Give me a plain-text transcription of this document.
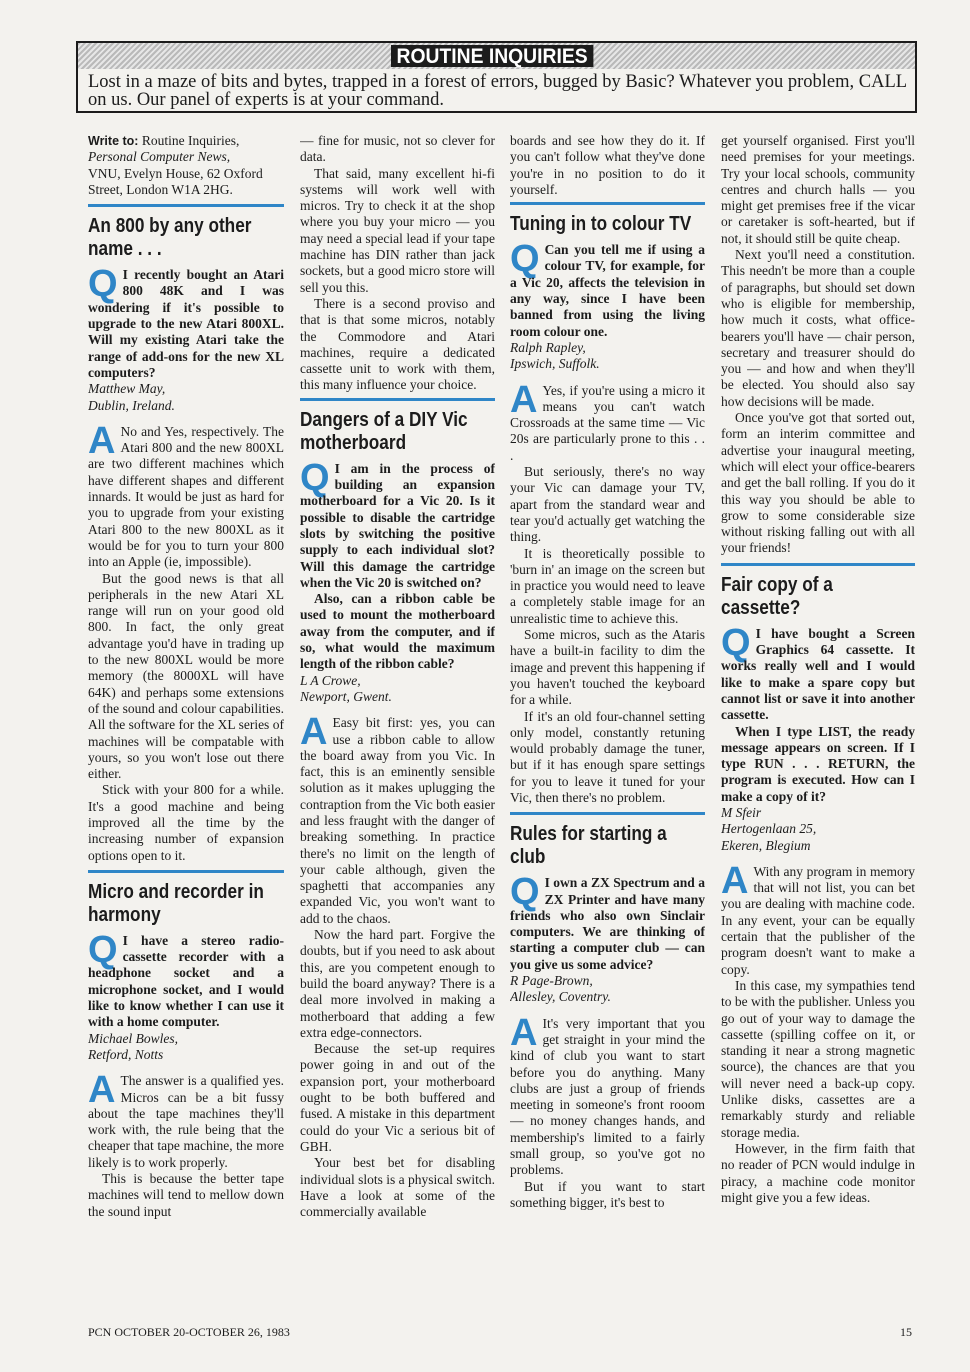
ROUTINE INQUIRIES
Lost in a maze of bits and bytes, trapped in a forest of errors, bugged by Basic? Whatever you problem, CALL on us. Our panel of experts is at your command.

Write to: Routine Inquiries,

Personal Computer News,

VNU, Evelyn House, 62 Oxford Street, London W1A 2HG.

An 800 by any other name . . .

Q I recently bought an Atari 800 48K and I was wondering if it's possible to upgrade to the new Atari 800XL. Will my existing Atari take the range of add-ons for the new XL computers?

Matthew May,
Dublin, Ireland.

A No and Yes, respectively. The Atari 800 and the new 800XL are two different machines which have different shapes and different innards. It would be just as hard for you to upgrade from your existing Atari 800 to the new 800XL as it would be for you to turn your 800 into an Apple (ie, impossible).

But the good news is that all peripherals in the new Atari XL range will run on your good old 800. In fact, the only great advantage you'd have in trading up to the new 800XL would be more memory (the 8000XL will have 64K) and perhaps some extensions of the sound and colour capabilities. All the software for the XL series of machines will be compatable with yours, so you won't lose out there either.

Stick with your 800 for a while. It's a good machine and being improved all the time by the increasing number of expansion options open to it.

Micro and recorder in harmony

Q I have a stereo radio-cassette recorder with a headphone socket and a microphone socket, and I would like to know whether I can use it with a home computer.

Michael Bowles,
Retford, Notts

A The answer is a qualified yes. Micros can be a bit fussy about the tape machines they'll work with, the rule being that the cheaper that tape machine, the more likely is to work properly.

This is because the better tape machines will tend to mellow down the sound input

— fine for music, not so clever for data.

That said, many excellent hi-fi systems will work well with micros. Try to check it at the shop where you buy your micro — you may need a special lead if your tape machine has DIN rather than jack sockets, but a good micro store will sell you this.

There is a second proviso and that is that some micros, notably the Commodore and Atari machines, require a dedicated cassette unit to work with them, this many influence your choice.

Dangers of a DIY Vic motherboard

Q I am in the process of building an expansion motherboard for a Vic 20. Is it possible to disable the cartridge slots by switching the positive supply to each individual slot? Will this damage the cartridge when the Vic 20 is switched on?

Also, can a ribbon cable be used to mount the motherboard away from the computer, and if so, what would the maximum length of the ribbon cable?

L A Crowe,
Newport, Gwent.

A Easy bit first: yes, you can use a ribbon cable to allow the board away from you Vic. In fact, this is an eminently sensible solution as it makes uplugging the contraption from the Vic both easier and less fraught with the danger of breaking something. In practice there's no limit on the length of your cable although, given the spaghetti that accompanies any expanded Vic, you won't want to add to the chaos.

Now the hard part. Forgive the doubts, but if you need to ask about this, are you competent enough to build the board anyway? There is a deal more involved in making a motherboard that adding a few extra edge-connectors.

Because the set-up requires power going in and out of the expansion port, your motherboard ought to be both buffered and fused. A mistake in this department could do your Vic a serious bit of GBH.

Your best bet for disabling individual slots is a physical switch. Have a look at some of the commercially available

boards and see how they do it. If you can't follow what they've done you're in no position to do it yourself.

Tuning in to colour TV

Q Can you tell me if using a colour TV, for example, for a Vic 20, affects the television in any way, since I have been banned from using the living room colour one.

Ralph Rapley,
Ipswich, Suffolk.

A Yes, if you're using a micro it means you can't watch Crossroads at the same time — Vic 20s are particularly prone to this . . .

But seriously, there's no way your Vic can damage your TV, apart from the standard wear and tear you'd actually get watching the thing.

It is theoretically possible to 'burn in' an image on the screen but in practice you would need to leave a completely stable image for an unrealistic time to achieve this.

Some micros, such as the Ataris have a built-in facility to dim the image and prevent this happening if you haven't touched the keyboard for a while.

If it's an old four-channel setting only model, constantly retuning would probably damage the tuner, but if it has enough spare settings for you to leave it tuned for your Vic, then there's no problem.

Rules for starting a club

Q I own a ZX Spectrum and a ZX Printer and have many friends who also own Sinclair computers. We are thinking of starting a computer club — can you give us some advice?

R Page-Brown,
Allesley, Coventry.

A It's very important that you get straight in your mind the kind of club you want to start before you do anything. Many clubs are just a group of friends meeting in someone's front rooom — no money changes hands, and membership's limited to a fairly small group, so you've got no problems.

But if you want to start something bigger, it's best to

get yourself organised. First you'll need premises for your meetings. Try your local schools, community centres and church halls — you might get premises free if the vicar or caretaker is soft-hearted, but if not, it should still be quite cheap.

Next you'll need a constitution. This needn't be more than a couple of paragraphs, but should set down who is eligible for membership, how much it costs, what office-bearers you'll have — chair person, secretary and treasurer should do you — and how and when they'll be elected. You should also say how decisions will be made.

Once you've got that sorted out, form an interim committee and advertise your inaugural meeting, which will elect your office-bearers and get the ball rolling. If you do it this way you should be able to grow to some considerable size without risking falling out with all your friends!

Fair copy of a cassette?

Q I have bought a Screen Graphics 64 cassette. It works really well and I would like to make a spare copy but cannot list or save it into another cassette.

When I type LIST, the ready message appears on screen. If I type RUN . . . RETURN, the program is executed. How can I make a copy of it?

M Sfeir
Hertogenlaan 25,
Ekeren, Blegium

A With any program in memory that will not list, you can bet you are dealing with machine code. In any event, your can be equally certain that the publisher of the program doesn't want to make a copy.

In this case, my sympathies tend to be with the publisher. Unless you go out of your way to damage the cassette (spilling coffee on it, or standing it near a strong magnetic source), the chances are that you will never need a back-up copy. Unlike disks, cassettes are a remarkably sturdy and reliable storage media.

However, in the firm faith that no reader of PCN would indulge in piracy, a machine code monitor might give you a few ideas.

PCN OCTOBER 20-OCTOBER 26, 1983	15
